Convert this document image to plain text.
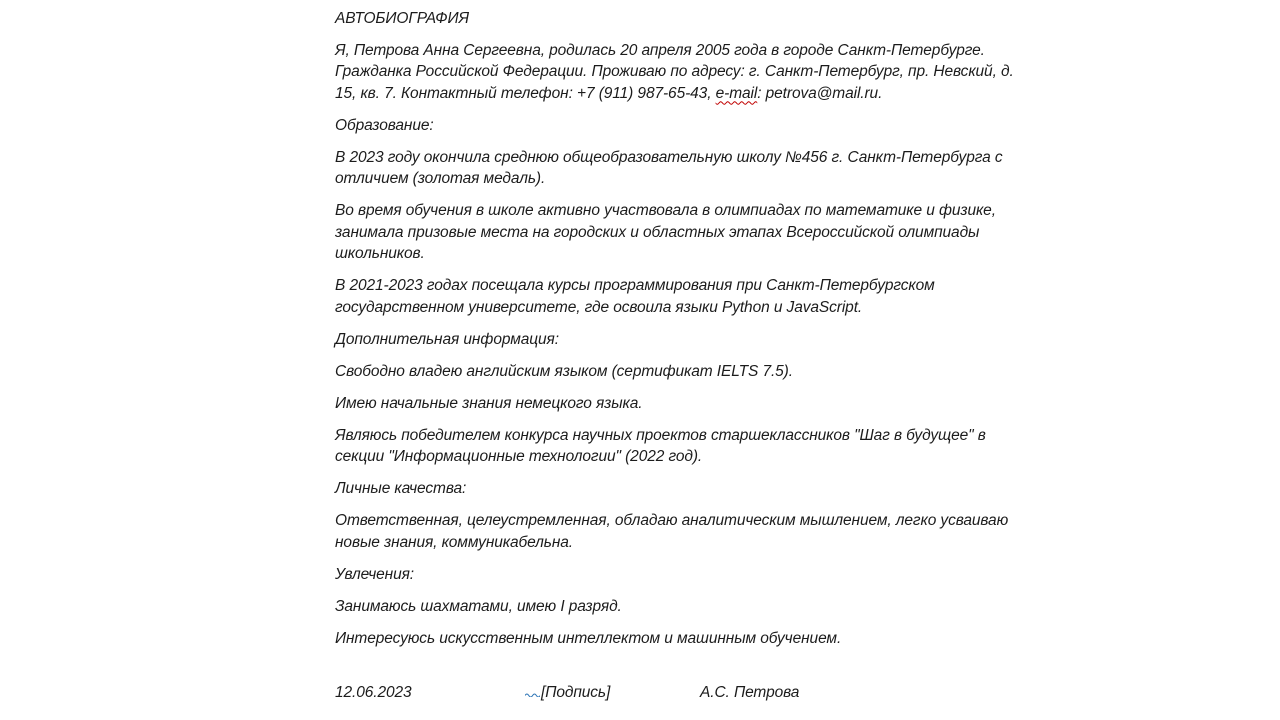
АВТОБИОГРАФИЯ

Я, Петрова Анна Сергеевна, родилась 20 апреля 2005 года в городе Санкт-Петербурге. Гражданка Российской Федерации. Проживаю по адресу: г. Санкт-Петербург, пр. Невский, д. 15, кв. 7. Контактный телефон: +7 (911) 987-65-43, e-mail: petrova@mail.ru.

Образование:

В 2023 году окончила среднюю общеобразовательную школу №456 г. Санкт-Петербурга с отличием (золотая медаль).

Во время обучения в школе активно участвовала в олимпиадах по математике и физике, занимала призовые места на городских и областных этапах Всероссийской олимпиады школьников.

В 2021-2023 годах посещала курсы программирования при Санкт-Петербургском государственном университете, где освоила языки Python и JavaScript.

Дополнительная информация:

Свободно владею английским языком (сертификат IELTS 7.5).

Имею начальные знания немецкого языка.

Являюсь победителем конкурса научных проектов старшеклассников "Шаг в будущее" в секции "Информационные технологии" (2022 год).

Личные качества:

Ответственная, целеустремленная, обладаю аналитическим мышлением, легко усваиваю новые знания, коммуникабельна.

Увлечения:

Занимаюсь шахматами, имею I разряд.

Интересуюсь искусственным интеллектом и машинным обучением.

12.06.2023	[Подпись]	А.С. Петрова
